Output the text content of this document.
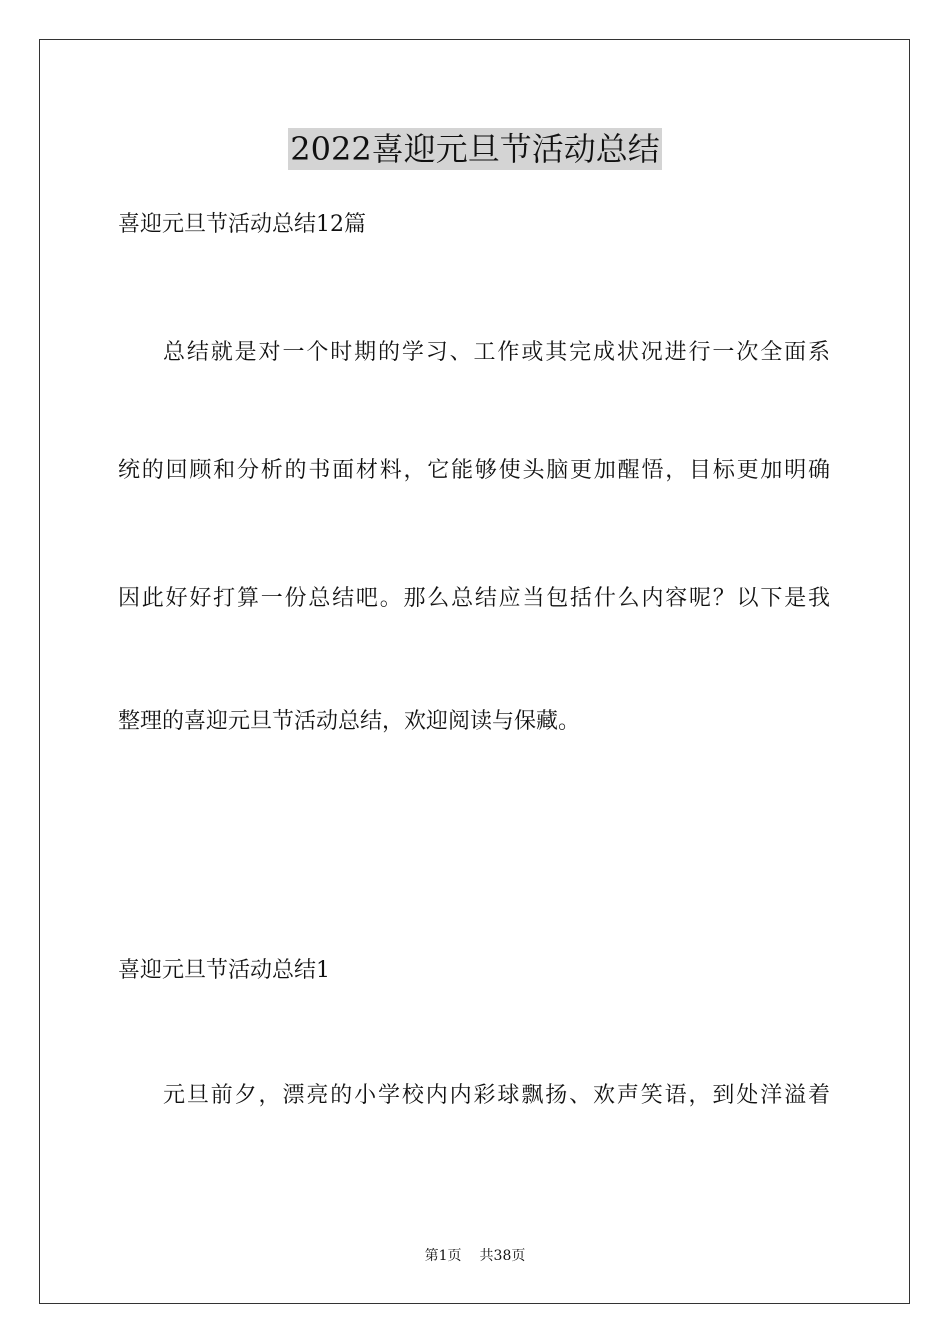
2022喜迎元旦节活动总结
喜迎元旦节活动总结12篇
总结就是对一个时期的学习、工作或其完成状况进行一次全面系
统的回顾和分析的书面材料，它能够使头脑更加醒悟，目标更加明确
因此好好打算一份总结吧。那么总结应当包括什么内容呢？以下是我
整理的喜迎元旦节活动总结，欢迎阅读与保藏。
喜迎元旦节活动总结1
元旦前夕，漂亮的小学校内内彩球飘扬、欢声笑语，到处洋溢着
第1页 共38页
